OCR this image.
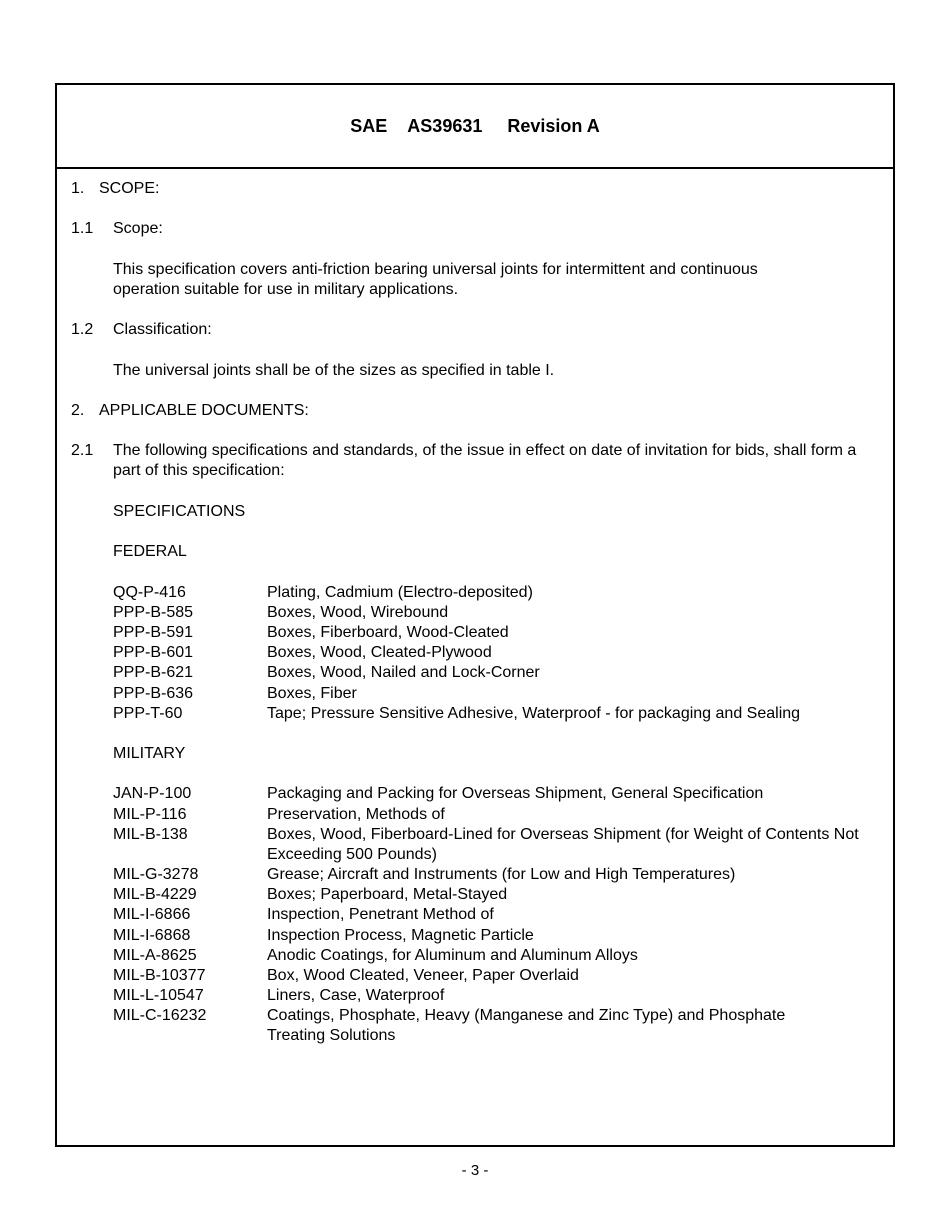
SAE
AS39631
Revision A
1. SCOPE:
1.1 Scope:
This specification covers anti-friction bearing universal joints for intermittent and continuous operation suitable for use in military applications.
1.2 Classification:
The universal joints shall be of the sizes as specified in table I.
2. APPLICABLE DOCUMENTS:
2.1 The following specifications and standards, of the issue in effect on date of invitation for bids, shall form a part of this specification:
SPECIFICATIONS
FEDERAL
QQ-P-416	Plating, Cadmium (Electro-deposited)
PPP-B-585	Boxes, Wood, Wirebound
PPP-B-591	Boxes, Fiberboard, Wood-Cleated
PPP-B-601	Boxes, Wood, Cleated-Plywood
PPP-B-621	Boxes, Wood, Nailed and Lock-Corner
PPP-B-636	Boxes, Fiber
PPP-T-60	Tape; Pressure Sensitive Adhesive, Waterproof - for packaging and Sealing
MILITARY
JAN-P-100	Packaging and Packing for Overseas Shipment, General Specification
MIL-P-116	Preservation, Methods of
MIL-B-138	Boxes, Wood, Fiberboard-Lined for Overseas Shipment (for Weight of Contents Not Exceeding 500 Pounds)
MIL-G-3278	Grease; Aircraft and Instruments (for Low and High Temperatures)
MIL-B-4229	Boxes; Paperboard, Metal-Stayed
MIL-I-6866	Inspection, Penetrant Method of
MIL-I-6868	Inspection Process, Magnetic Particle
MIL-A-8625	Anodic Coatings, for Aluminum and Aluminum Alloys
MIL-B-10377	Box, Wood Cleated, Veneer, Paper Overlaid
MIL-L-10547	Liners, Case, Waterproof
MIL-C-16232	Coatings, Phosphate, Heavy (Manganese and Zinc Type) and Phosphate Treating Solutions
- 3 -
